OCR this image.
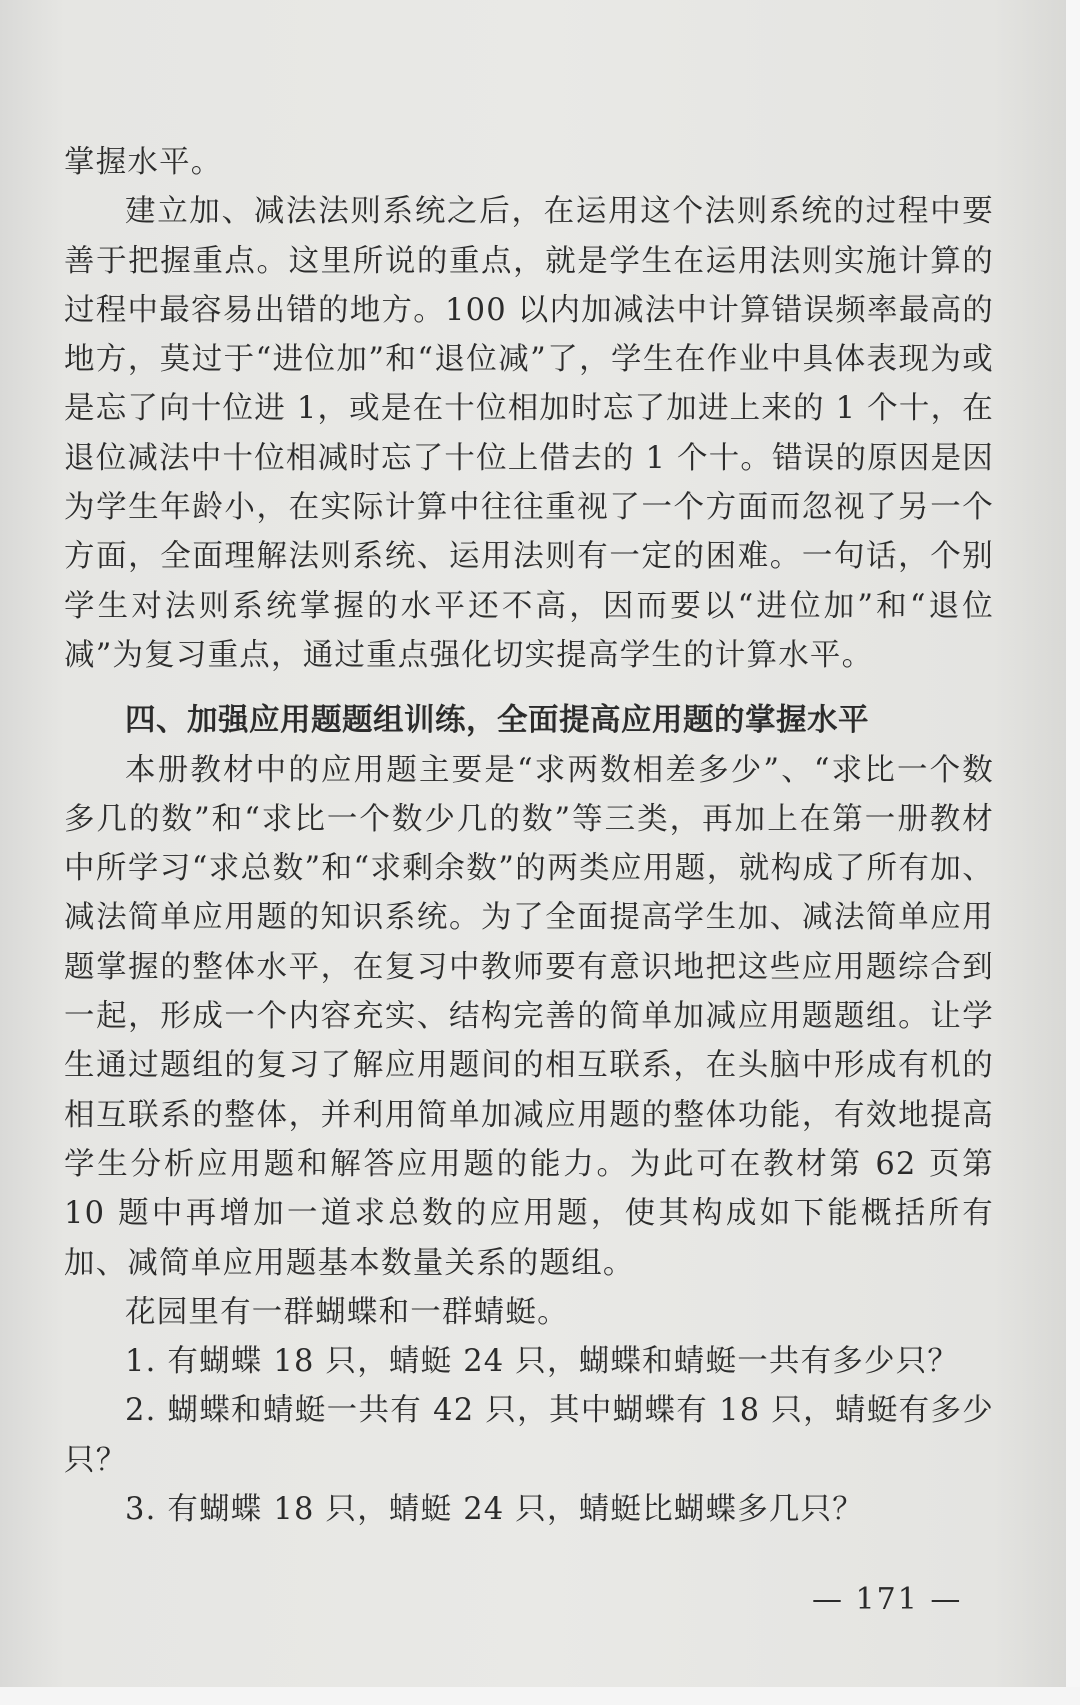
掌握水平。

建立加、减法法则系统之后，在运用这个法则系统的过程中要善于把握重点。这里所说的重点，就是学生在运用法则实施计算的过程中最容易出错的地方。100 以内加减法中计算错误频率最高的地方，莫过于“进位加”和“退位减”了，学生在作业中具体表现为或是忘了向十位进 1，或是在十位相加时忘了加进上来的 1 个十，在退位减法中十位相减时忘了十位上借去的 1 个十。错误的原因是因为学生年龄小，在实际计算中往往重视了一个方面而忽视了另一个方面，全面理解法则系统、运用法则有一定的困难。一句话，个别学生对法则系统掌握的水平还不高，因而要以“进位加”和“退位减”为复习重点，通过重点强化切实提高学生的计算水平。

四、加强应用题题组训练，全面提高应用题的掌握水平

本册教材中的应用题主要是“求两数相差多少”、“求比一个数多几的数”和“求比一个数少几的数”等三类，再加上在第一册教材中所学习“求总数”和“求剩余数”的两类应用题，就构成了所有加、减法简单应用题的知识系统。为了全面提高学生加、减法简单应用题掌握的整体水平，在复习中教师要有意识地把这些应用题综合到一起，形成一个内容充实、结构完善的简单加减应用题题组。让学生通过题组的复习了解应用题间的相互联系，在头脑中形成有机的相互联系的整体，并利用简单加减应用题的整体功能，有效地提高学生分析应用题和解答应用题的能力。为此可在教材第 62 页第 10 题中再增加一道求总数的应用题，使其构成如下能概括所有加、减简单应用题基本数量关系的题组。

花园里有一群蝴蝶和一群蜻蜓。

1. 有蝴蝶 18 只，蜻蜓 24 只，蝴蝶和蜻蜓一共有多少只？

2. 蝴蝶和蜻蜓一共有 42 只，其中蝴蝶有 18 只，蜻蜓有多少只？

3. 有蝴蝶 18 只，蜻蜓 24 只，蜻蜓比蝴蝶多几只？

— 171 —
